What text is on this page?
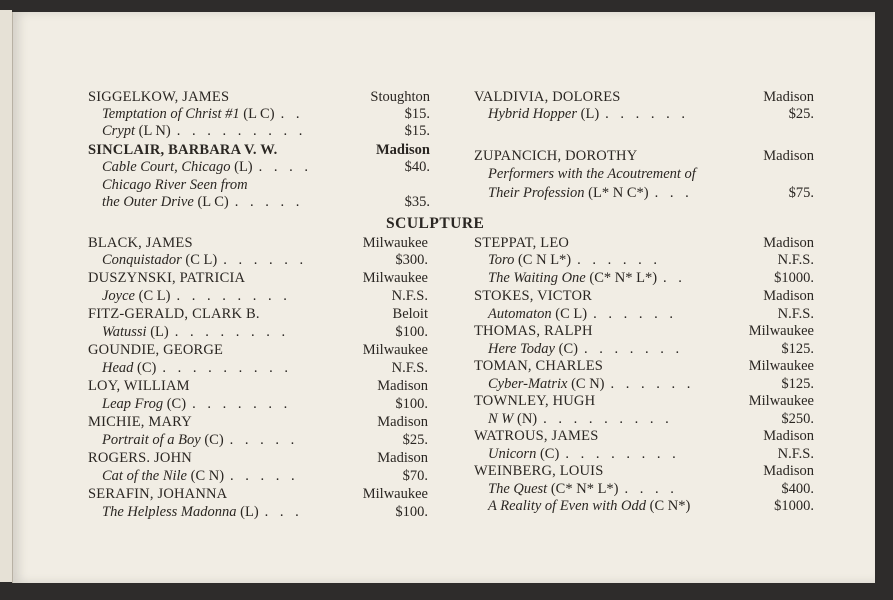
SIGGELKOW, JAMES	Stoughton
Temptation of Christ #1 (L C) . .	$15.
Crypt (L N) . . . . . . . . .	$15.
SINCLAIR, BARBARA V. W.	Madison
Cable Court, Chicago (L) . . . .	$40.
Chicago River Seen from
the Outer Drive (L C) . . . . .	$35.
VALDIVIA, DOLORES	Madison
Hybrid Hopper (L) . . . . . .	$25.
ZUPANCICH, DOROTHY	Madison
Performers with the Acoutrement of
Their Profession (L* N C*) . . .	$75.
SCULPTURE
BLACK, JAMES	Milwaukee
Conquistador (C L) . . . . . .	$300.
DUSZYNSKI, PATRICIA	Milwaukee
Joyce (C L) . . . . . . . .	N.F.S.
FITZ-GERALD, CLARK B.	Beloit
Watussi (L) . . . . . . . .	$100.
GOUNDIE, GEORGE	Milwaukee
Head (C) . . . . . . . . .	N.F.S.
LOY, WILLIAM	Madison
Leap Frog (C) . . . . . . .	$100.
MICHIE, MARY	Madison
Portrait of a Boy (C) . . . . .	$25.
ROGERS. JOHN	Madison
Cat of the Nile (C N) . . . . .	$70.
SERAFIN, JOHANNA	Milwaukee
The Helpless Madonna (L) . . .	$100.
STEPPAT, LEO	Madison
Toro (C N L*) . . . . . .	N.F.S.
The Waiting One (C* N* L*) . .	$1000.
STOKES, VICTOR	Madison
Automaton (C L) . . . . . .	N.F.S.
THOMAS, RALPH	Milwaukee
Here Today (C) . . . . . . .	$125.
TOMAN, CHARLES	Milwaukee
Cyber-Matrix (C N) . . . . . .	$125.
TOWNLEY, HUGH	Milwaukee
N W (N) . . . . . . . . .	$250.
WATROUS, JAMES	Madison
Unicorn (C) . . . . . . . .	N.F.S.
WEINBERG, LOUIS	Madison
The Quest (C* N* L*) . . . .	$400.
A Reality of Even with Odd (C N*)	$1000.
